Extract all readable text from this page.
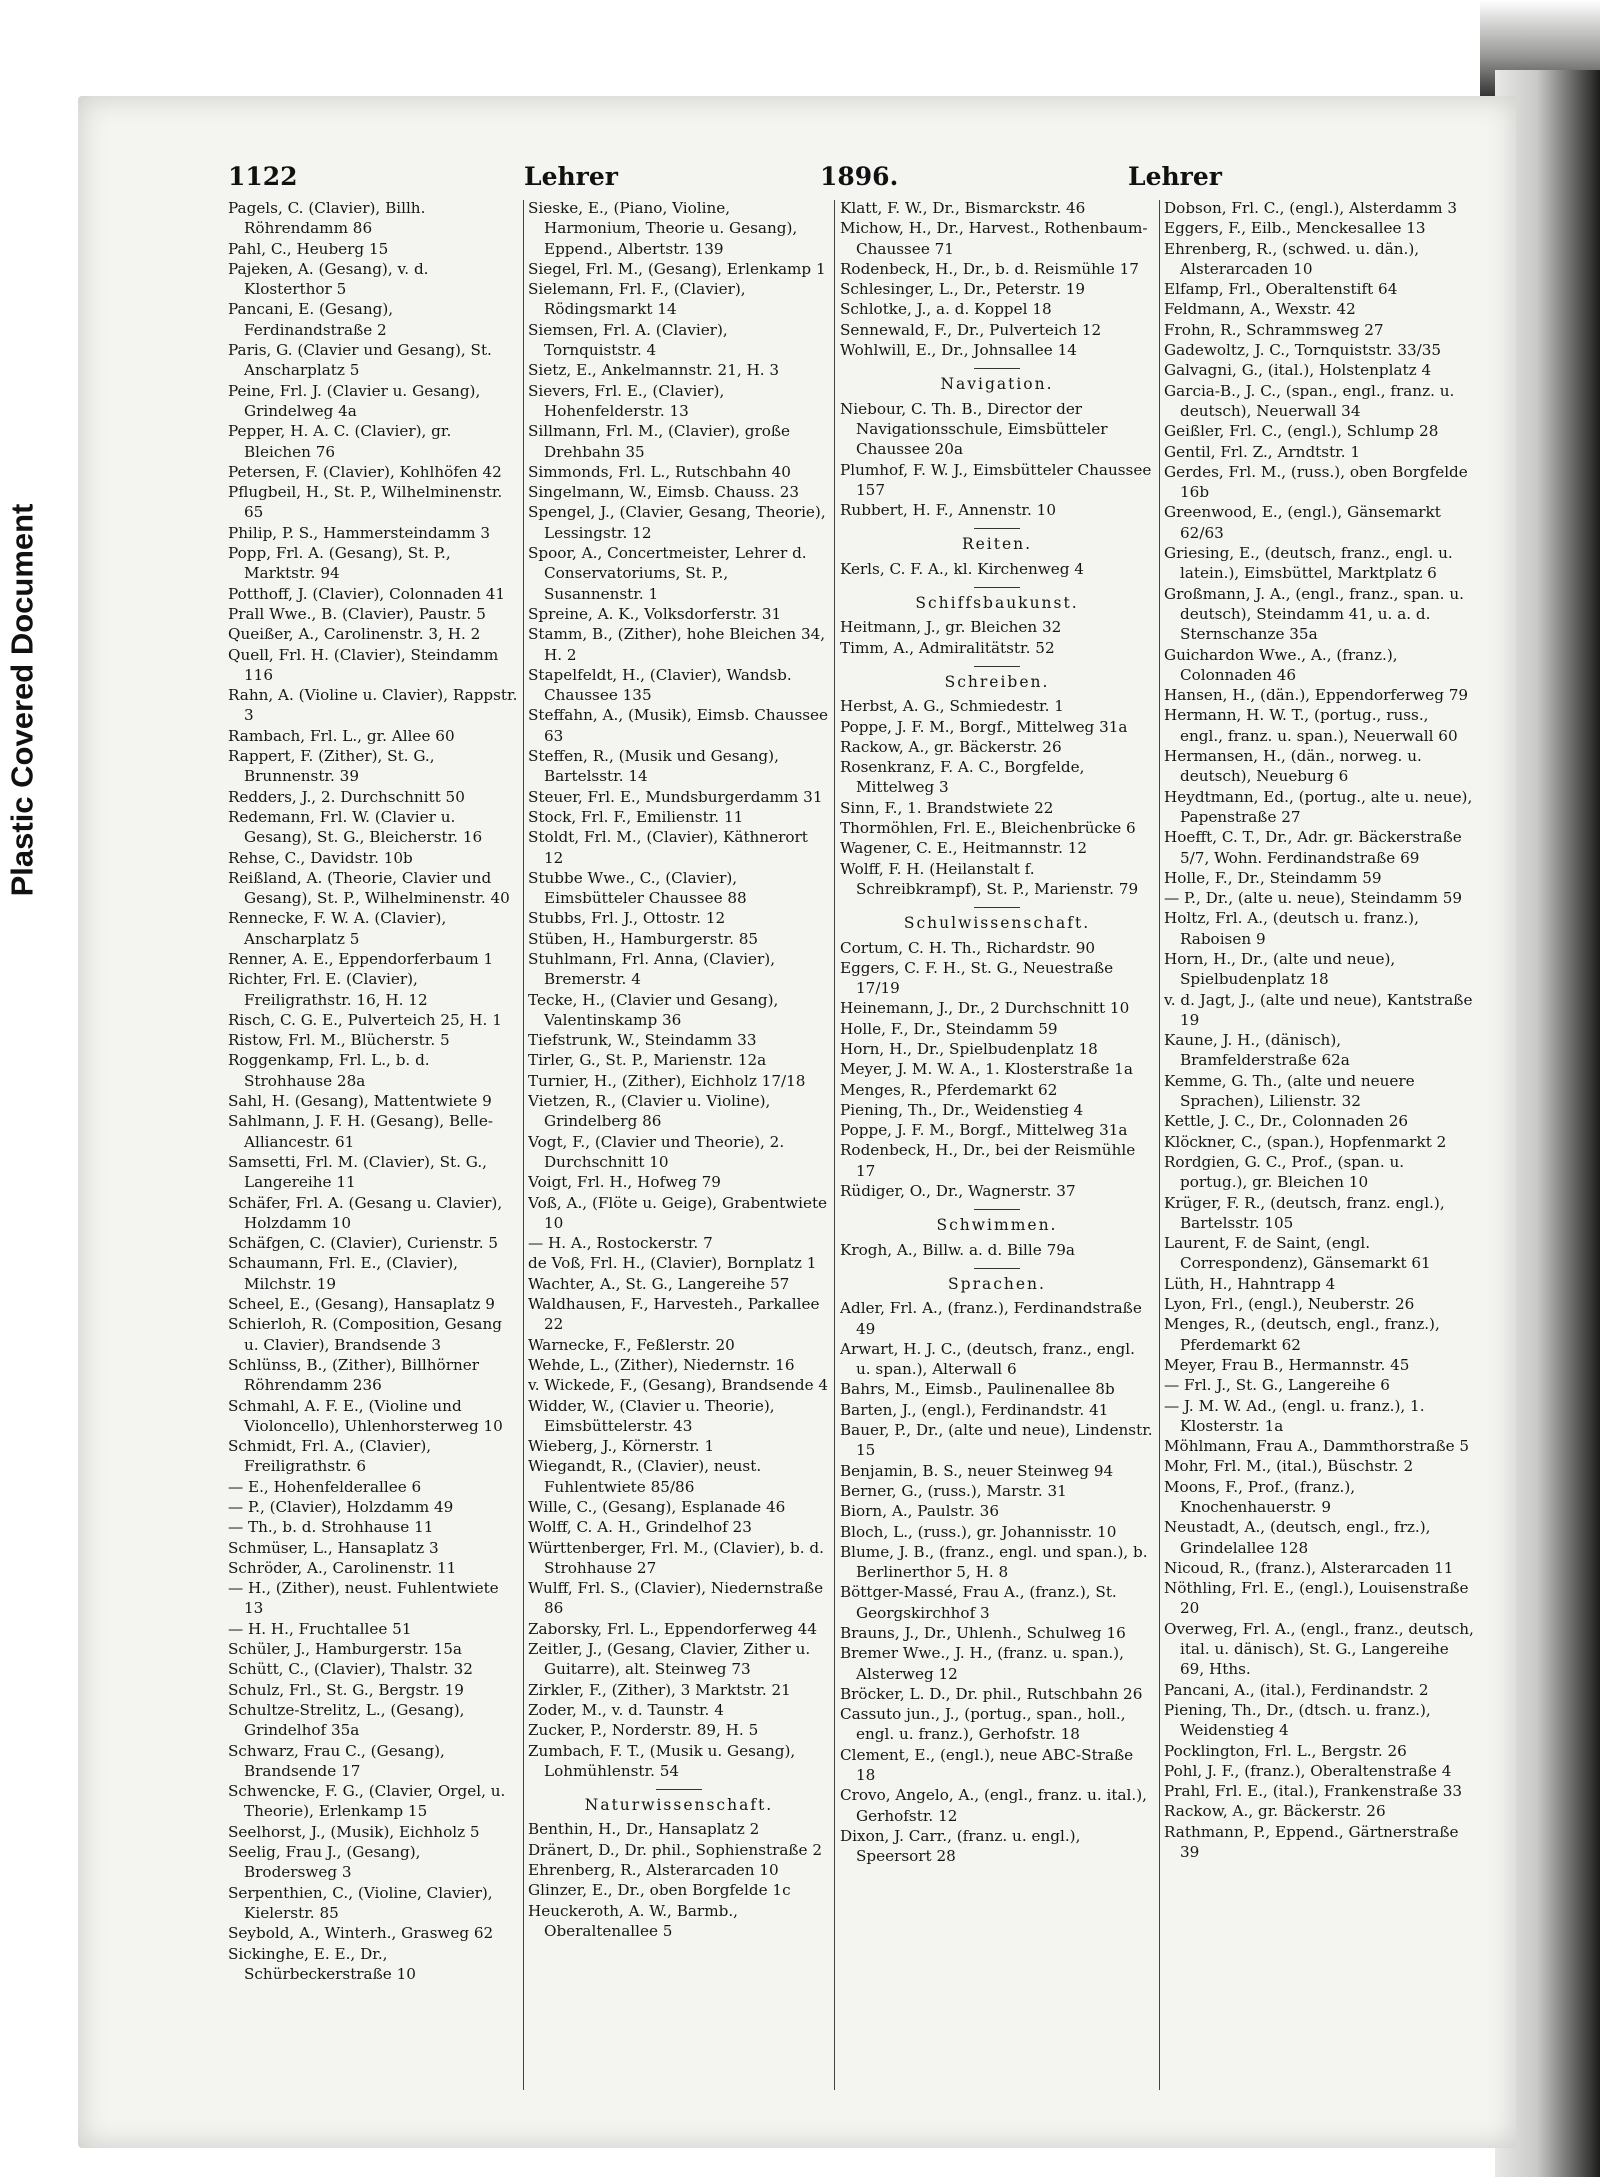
Plastic Covered Document
1122	Lehrer	1896.	Lehrer

Pagels, C. (Clavier), Billh. Röhrendamm 86

Pahl, C., Heuberg 15

Pajeken, A. (Gesang), v. d. Klosterthor 5

Pancani, E. (Gesang), Ferdinandstraße 2

Paris, G. (Clavier und Gesang), St. Anscharplatz 5

Peine, Frl. J. (Clavier u. Gesang), Grindelweg 4a

Pepper, H. A. C. (Clavier), gr. Bleichen 76

Petersen, F. (Clavier), Kohlhöfen 42

Pflugbeil, H., St. P., Wilhelminenstr. 65

Philip, P. S., Hammersteindamm 3

Popp, Frl. A. (Gesang), St. P., Marktstr. 94

Potthoff, J. (Clavier), Colonnaden 41

Prall Wwe., B. (Clavier), Paustr. 5

Queißer, A., Carolinenstr. 3, H. 2

Quell, Frl. H. (Clavier), Steindamm 116

Rahn, A. (Violine u. Clavier), Rappstr. 3

Rambach, Frl. L., gr. Allee 60

Rappert, F. (Zither), St. G., Brunnenstr. 39

Redders, J., 2. Durchschnitt 50

Redemann, Frl. W. (Clavier u. Gesang), St. G., Bleicherstr. 16

Rehse, C., Davidstr. 10b

Reißland, A. (Theorie, Clavier und Gesang), St. P., Wilhelminenstr. 40

Rennecke, F. W. A. (Clavier), Anscharplatz 5

Renner, A. E., Eppendorferbaum 1

Richter, Frl. E. (Clavier), Freiligrathstr. 16, H. 12

Risch, C. G. E., Pulverteich 25, H. 1

Ristow, Frl. M., Blücherstr. 5

Roggenkamp, Frl. L., b. d. Strohhause 28a

Sahl, H. (Gesang), Mattentwiete 9

Sahlmann, J. F. H. (Gesang), Belle-Alliancestr. 61

Samsetti, Frl. M. (Clavier), St. G., Langereihe 11

Schäfer, Frl. A. (Gesang u. Clavier), Holzdamm 10

Schäfgen, C. (Clavier), Curienstr. 5

Schaumann, Frl. E., (Clavier), Milchstr. 19

Scheel, E., (Gesang), Hansaplatz 9

Schierloh, R. (Composition, Gesang u. Clavier), Brandsende 3

Schlünss, B., (Zither), Billhörner Röhrendamm 236

Schmahl, A. F. E., (Violine und Violoncello), Uhlenhorsterweg 10

Schmidt, Frl. A., (Clavier), Freiligrathstr. 6

— E., Hohenfelderallee 6

— P., (Clavier), Holzdamm 49

— Th., b. d. Strohhause 11

Schmüser, L., Hansaplatz 3

Schröder, A., Carolinenstr. 11

— H., (Zither), neust. Fuhlentwiete 13

— H. H., Fruchtallee 51

Schüler, J., Hamburgerstr. 15a

Schütt, C., (Clavier), Thalstr. 32

Schulz, Frl., St. G., Bergstr. 19

Schultze-Strelitz, L., (Gesang), Grindelhof 35a

Schwarz, Frau C., (Gesang), Brandsende 17

Schwencke, F. G., (Clavier, Orgel, u. Theorie), Erlenkamp 15

Seelhorst, J., (Musik), Eichholz 5

Seelig, Frau J., (Gesang), Brodersweg 3

Serpenthien, C., (Violine, Clavier), Kielerstr. 85

Seybold, A., Winterh., Grasweg 62

Sickinghe, E. E., Dr., Schürbeckerstraße 10

Sieske, E., (Piano, Violine, Harmonium, Theorie u. Gesang), Eppend., Albertstr. 139

Siegel, Frl. M., (Gesang), Erlenkamp 1

Sielemann, Frl. F., (Clavier), Rödingsmarkt 14

Siemsen, Frl. A. (Clavier), Tornquiststr. 4

Sietz, E., Ankelmannstr. 21, H. 3

Sievers, Frl. E., (Clavier), Hohenfelderstr. 13

Sillmann, Frl. M., (Clavier), große Drehbahn 35

Simmonds, Frl. L., Rutschbahn 40

Singelmann, W., Eimsb. Chauss. 23

Spengel, J., (Clavier, Gesang, Theorie), Lessingstr. 12

Spoor, A., Concertmeister, Lehrer d. Conservatoriums, St. P., Susannenstr. 1

Spreine, A. K., Volksdorferstr. 31

Stamm, B., (Zither), hohe Bleichen 34, H. 2

Stapelfeldt, H., (Clavier), Wandsb. Chaussee 135

Steffahn, A., (Musik), Eimsb. Chaussee 63

Steffen, R., (Musik und Gesang), Bartelsstr. 14

Steuer, Frl. E., Mundsburgerdamm 31

Stock, Frl. F., Emilienstr. 11

Stoldt, Frl. M., (Clavier), Käthnerort 12

Stubbe Wwe., C., (Clavier), Eimsbütteler Chaussee 88

Stubbs, Frl. J., Ottostr. 12

Stüben, H., Hamburgerstr. 85

Stuhlmann, Frl. Anna, (Clavier), Bremerstr. 4

Tecke, H., (Clavier und Gesang), Valentinskamp 36

Tiefstrunk, W., Steindamm 33

Tirler, G., St. P., Marienstr. 12a

Turnier, H., (Zither), Eichholz 17/18

Vietzen, R., (Clavier u. Violine), Grindelberg 86

Vogt, F., (Clavier und Theorie), 2. Durchschnitt 10

Voigt, Frl. H., Hofweg 79

Voß, A., (Flöte u. Geige), Grabentwiete 10

— H. A., Rostockerstr. 7

de Voß, Frl. H., (Clavier), Bornplatz 1

Wachter, A., St. G., Langereihe 57

Waldhausen, F., Harvesteh., Parkallee 22

Warnecke, F., Feßlerstr. 20

Wehde, L., (Zither), Niedernstr. 16

v. Wickede, F., (Gesang), Brandsende 4

Widder, W., (Clavier u. Theorie), Eimsbüttelerstr. 43

Wieberg, J., Körnerstr. 1

Wiegandt, R., (Clavier), neust. Fuhlentwiete 85/86

Wille, C., (Gesang), Esplanade 46

Wolff, C. A. H., Grindelhof 23

Württenberger, Frl. M., (Clavier), b. d. Strohhause 27

Wulff, Frl. S., (Clavier), Niedernstraße 86

Zaborsky, Frl. L., Eppendorferweg 44

Zeitler, J., (Gesang, Clavier, Zither u. Guitarre), alt. Steinweg 73

Zirkler, F., (Zither), 3 Marktstr. 21

Zoder, M., v. d. Taunstr. 4

Zucker, P., Norderstr. 89, H. 5

Zumbach, F. T., (Musik u. Gesang), Lohmühlenstr. 54

Naturwissenschaft.

Benthin, H., Dr., Hansaplatz 2

Dränert, D., Dr. phil., Sophienstraße 2

Ehrenberg, R., Alsterarcaden 10

Glinzer, E., Dr., oben Borgfelde 1c

Heuckeroth, A. W., Barmb., Oberaltenallee 5

Klatt, F. W., Dr., Bismarckstr. 46

Michow, H., Dr., Harvest., Rothenbaum-Chaussee 71

Rodenbeck, H., Dr., b. d. Reismühle 17

Schlesinger, L., Dr., Peterstr. 19

Schlotke, J., a. d. Koppel 18

Sennewald, F., Dr., Pulverteich 12

Wohlwill, E., Dr., Johnsallee 14

Navigation.

Niebour, C. Th. B., Director der Navigationsschule, Eimsbütteler Chaussee 20a

Plumhof, F. W. J., Eimsbütteler Chaussee 157

Rubbert, H. F., Annenstr. 10

Reiten.

Kerls, C. F. A., kl. Kirchenweg 4

Schiffsbaukunst.

Heitmann, J., gr. Bleichen 32

Timm, A., Admiralitätstr. 52

Schreiben.

Herbst, A. G., Schmiedestr. 1

Poppe, J. F. M., Borgf., Mittelweg 31a

Rackow, A., gr. Bäckerstr. 26

Rosenkranz, F. A. C., Borgfelde, Mittelweg 3

Sinn, F., 1. Brandstwiete 22

Thormöhlen, Frl. E., Bleichenbrücke 6

Wagener, C. E., Heitmannstr. 12

Wolff, F. H. (Heilanstalt f. Schreibkrampf), St. P., Marienstr. 79

Schulwissenschaft.

Cortum, C. H. Th., Richardstr. 90

Eggers, C. F. H., St. G., Neuestraße 17/19

Heinemann, J., Dr., 2 Durchschnitt 10

Holle, F., Dr., Steindamm 59

Horn, H., Dr., Spielbudenplatz 18

Meyer, J. M. W. A., 1. Klosterstraße 1a

Menges, R., Pferdemarkt 62

Piening, Th., Dr., Weidenstieg 4

Poppe, J. F. M., Borgf., Mittelweg 31a

Rodenbeck, H., Dr., bei der Reismühle 17

Rüdiger, O., Dr., Wagnerstr. 37

Schwimmen.

Krogh, A., Billw. a. d. Bille 79a

Sprachen.

Adler, Frl. A., (franz.), Ferdinandstraße 49

Arwart, H. J. C., (deutsch, franz., engl. u. span.), Alterwall 6

Bahrs, M., Eimsb., Paulinenallee 8b

Barten, J., (engl.), Ferdinandstr. 41

Bauer, P., Dr., (alte und neue), Lindenstr. 15

Benjamin, B. S., neuer Steinweg 94

Berner, G., (russ.), Marstr. 31

Biorn, A., Paulstr. 36

Bloch, L., (russ.), gr. Johannisstr. 10

Blume, J. B., (franz., engl. und span.), b. Berlinerthor 5, H. 8

Böttger-Massé, Frau A., (franz.), St. Georgskirchhof 3

Brauns, J., Dr., Uhlenh., Schulweg 16

Bremer Wwe., J. H., (franz. u. span.), Alsterweg 12

Bröcker, L. D., Dr. phil., Rutschbahn 26

Cassuto jun., J., (portug., span., holl., engl. u. franz.), Gerhofstr. 18

Clement, E., (engl.), neue ABC-Straße 18

Crovo, Angelo, A., (engl., franz. u. ital.), Gerhofstr. 12

Dixon, J. Carr., (franz. u. engl.), Speersort 28

Dobson, Frl. C., (engl.), Alsterdamm 3

Eggers, F., Eilb., Menckesallee 13

Ehrenberg, R., (schwed. u. dän.), Alsterarcaden 10

Elfamp, Frl., Oberaltenstift 64

Feldmann, A., Wexstr. 42

Frohn, R., Schrammsweg 27

Gadewoltz, J. C., Tornquiststr. 33/35

Galvagni, G., (ital.), Holstenplatz 4

Garcia-B., J. C., (span., engl., franz. u. deutsch), Neuerwall 34

Geißler, Frl. C., (engl.), Schlump 28

Gentil, Frl. Z., Arndtstr. 1

Gerdes, Frl. M., (russ.), oben Borgfelde 16b

Greenwood, E., (engl.), Gänsemarkt 62/63

Griesing, E., (deutsch, franz., engl. u. latein.), Eimsbüttel, Marktplatz 6

Großmann, J. A., (engl., franz., span. u. deutsch), Steindamm 41, u. a. d. Sternschanze 35a

Guichardon Wwe., A., (franz.), Colonnaden 46

Hansen, H., (dän.), Eppendorferweg 79

Hermann, H. W. T., (portug., russ., engl., franz. u. span.), Neuerwall 60

Hermansen, H., (dän., norweg. u. deutsch), Neueburg 6

Heydtmann, Ed., (portug., alte u. neue), Papenstraße 27

Hoefft, C. T., Dr., Adr. gr. Bäckerstraße 5/7, Wohn. Ferdinandstraße 69

Holle, F., Dr., Steindamm 59

— P., Dr., (alte u. neue), Steindamm 59

Holtz, Frl. A., (deutsch u. franz.), Raboisen 9

Horn, H., Dr., (alte und neue), Spielbudenplatz 18

v. d. Jagt, J., (alte und neue), Kantstraße 19

Kaune, J. H., (dänisch), Bramfelderstraße 62a

Kemme, G. Th., (alte und neuere Sprachen), Lilienstr. 32

Kettle, J. C., Dr., Colonnaden 26

Klöckner, C., (span.), Hopfenmarkt 2

Rordgien, G. C., Prof., (span. u. portug.), gr. Bleichen 10

Krüger, F. R., (deutsch, franz. engl.), Bartelsstr. 105

Laurent, F. de Saint, (engl. Correspondenz), Gänsemarkt 61

Lüth, H., Hahntrapp 4

Lyon, Frl., (engl.), Neuberstr. 26

Menges, R., (deutsch, engl., franz.), Pferdemarkt 62

Meyer, Frau B., Hermannstr. 45

— Frl. J., St. G., Langereihe 6

— J. M. W. Ad., (engl. u. franz.), 1. Klosterstr. 1a

Möhlmann, Frau A., Dammthorstraße 5

Mohr, Frl. M., (ital.), Büschstr. 2

Moons, F., Prof., (franz.), Knochenhauerstr. 9

Neustadt, A., (deutsch, engl., frz.), Grindelallee 128

Nicoud, R., (franz.), Alsterarcaden 11

Nöthling, Frl. E., (engl.), Louisenstraße 20

Overweg, Frl. A., (engl., franz., deutsch, ital. u. dänisch), St. G., Langereihe 69, Hths.

Pancani, A., (ital.), Ferdinandstr. 2

Piening, Th., Dr., (dtsch. u. franz.), Weidenstieg 4

Pocklington, Frl. L., Bergstr. 26

Pohl, J. F., (franz.), Oberaltenstraße 4

Prahl, Frl. E., (ital.), Frankenstraße 33

Rackow, A., gr. Bäckerstr. 26

Rathmann, P., Eppend., Gärtnerstraße 39
